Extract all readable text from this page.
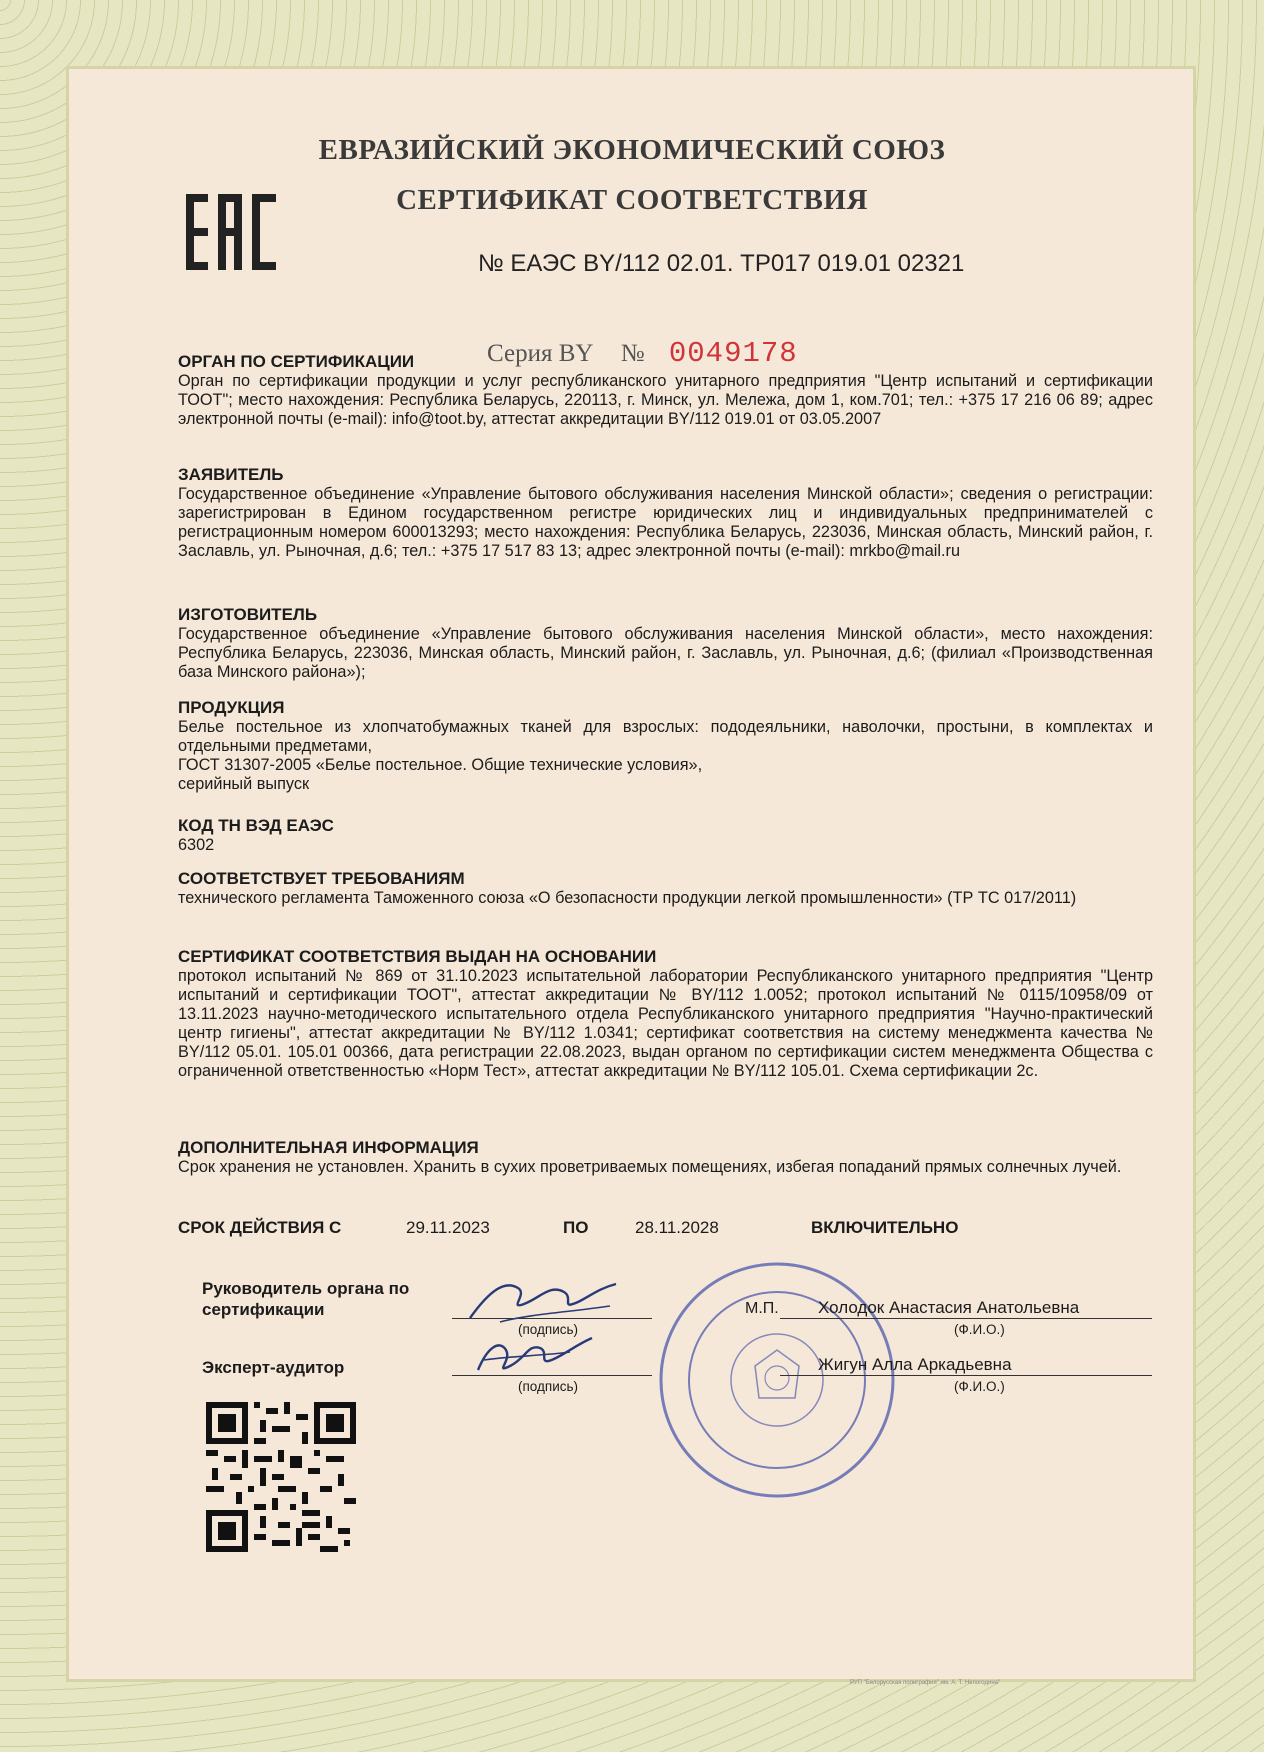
ЕВРАЗИЙСКИЙ ЭКОНОМИЧЕСКИЙ СОЮЗ
СЕРТИФИКАТ СООТВЕТСТВИЯ
№ ЕАЭС BY/112 02.01. ТР017 019.01 02321
Серия BY № 0049178
ОРГАН ПО СЕРТИФИКАЦИИ
Орган по сертификации продукции и услуг республиканского унитарного предприятия "Центр испытаний и сертификации ТООТ"; место нахождения: Республика Беларусь, 220113, г. Минск, ул. Мележа, дом 1, ком.701; тел.: +375 17 216 06 89; адрес электронной почты (e-mail): info@toot.by, аттестат аккредитации BY/112 019.01 от 03.05.2007
ЗАЯВИТЕЛЬ
Государственное объединение «Управление бытового обслуживания населения Минской области»; сведения о регистрации: зарегистрирован в Едином государственном регистре юридических лиц и индивидуальных предпринимателей с регистрационным номером 600013293; место нахождения: Республика Беларусь, 223036, Минская область, Минский район, г. Заславль, ул. Рыночная, д.6; тел.: +375 17 517 83 13; адрес электронной почты (e-mail): mrkbo@mail.ru
ИЗГОТОВИТЕЛЬ
Государственное объединение «Управление бытового обслуживания населения Минской области», место нахождения: Республика Беларусь, 223036, Минская область, Минский район, г. Заславль, ул. Рыночная, д.6; (филиал «Производственная база Минского района»);
ПРОДУКЦИЯ
Белье постельное из хлопчатобумажных тканей для взрослых: пододеяльники, наволочки, простыни, в комплектах и отдельными предметами,
ГОСТ 31307-2005 «Белье постельное. Общие технические условия»,
серийный выпуск
КОД ТН ВЭД ЕАЭС
6302
СООТВЕТСТВУЕТ ТРЕБОВАНИЯМ
технического регламента Таможенного союза «О безопасности продукции легкой промышленности» (ТР ТС 017/2011)
СЕРТИФИКАТ СООТВЕТСТВИЯ ВЫДАН НА ОСНОВАНИИ
протокол испытаний № 869 от 31.10.2023 испытательной лаборатории Республиканского унитарного предприятия "Центр испытаний и сертификации ТООТ", аттестат аккредитации № BY/112 1.0052; протокол испытаний № 0115/10958/09 от 13.11.2023 научно-методического испытательного отдела Республиканского унитарного предприятия "Научно-практический центр гигиены", аттестат аккредитации № BY/112 1.0341; сертификат соответствия на систему менеджмента качества № BY/112 05.01. 105.01 00366, дата регистрации 22.08.2023, выдан органом по сертификации систем менеджмента Общества с ограниченной ответственностью «Норм Тест», аттестат аккредитации № BY/112 105.01. Схема сертификации 2с.
ДОПОЛНИТЕЛЬНАЯ ИНФОРМАЦИЯ
Срок хранения не установлен. Хранить в сухих проветриваемых помещениях, избегая попаданий прямых солнечных лучей.
СРОК ДЕЙСТВИЯ С	29.11.2023	ПО	28.11.2028	ВКЛЮЧИТЕЛЬНО
Руководитель органа по
сертификации
Эксперт-аудитор
(подпись)
(подпись)
М.П. Холодок Анастасия Анатольевна
Жигун Алла Аркадьевна
(Ф.И.О.)
(Ф.И.О.)
РУП "Белорусская полиграфия" им. А. Т. Непогодина"
